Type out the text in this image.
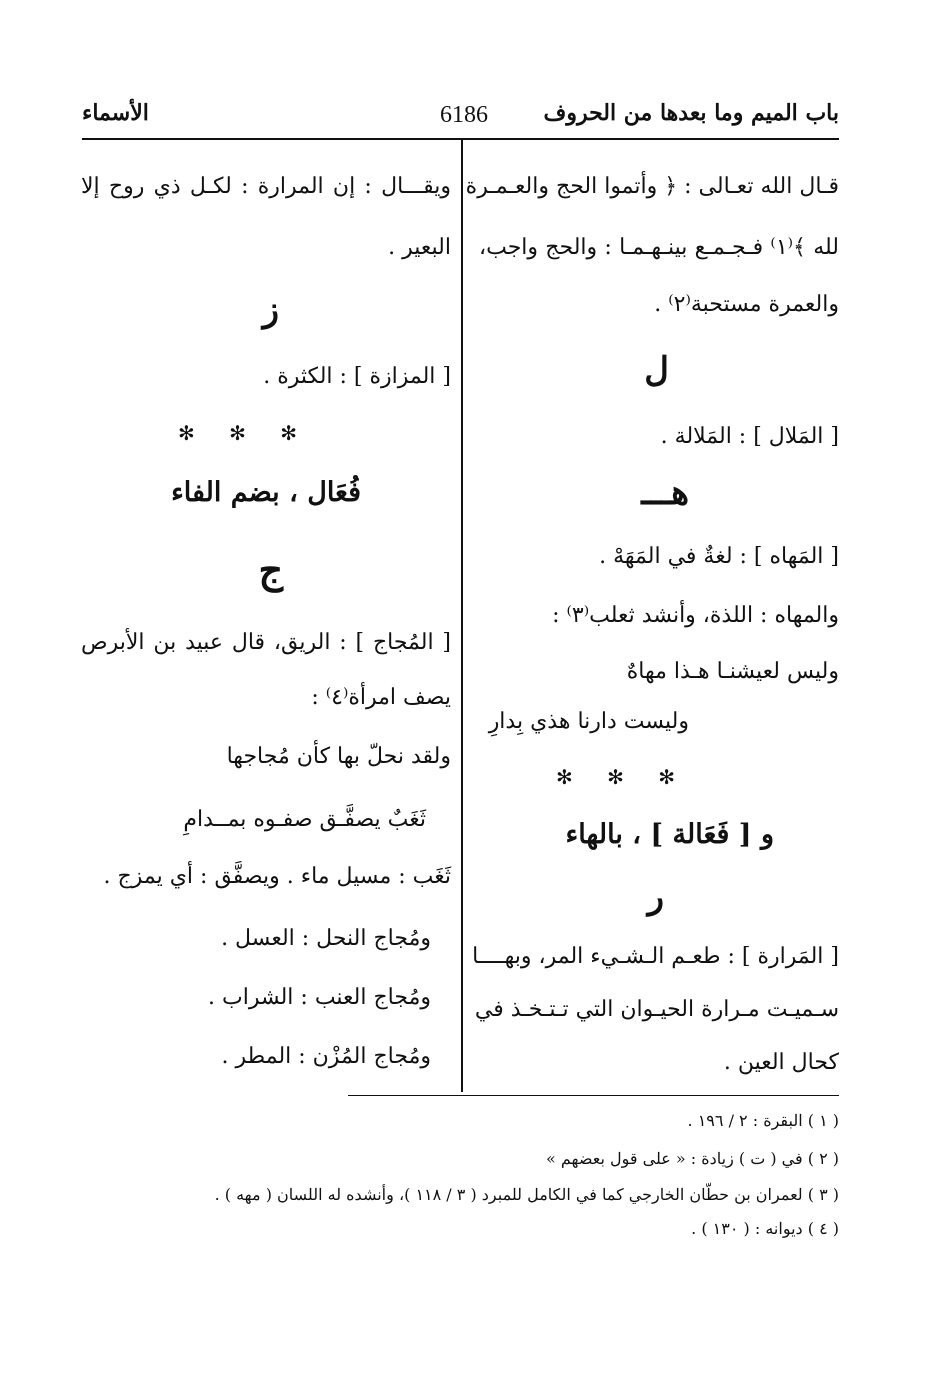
باب الميم وما بعدها من الحروف
6186
الأسماء
قـال الله تعـالى : ﴿ وأتموا الحج والعـمـرة
لله ﴾⁽١⁾ فـجـمـع بينـهـمـا : والحج واجب،
والعمرة مستحبة⁽٢⁾ .
ل
[ المَلال ] : المَلالة .
هـــ
[ المَهاه ] : لغةٌ في المَهَهْ .
والمهاه : اللذة، وأنشد ثعلب⁽٣⁾ :
وليس لعيشنـا هـذا مهاهٌ
وليست دارنا هذي بِدارِ
✻ ✻ ✻
و [ فَعَالة ] ، بالهاء
ر
[ المَرارة ] : طعـم الـشـيء المر، وبهــــا
سـميـت مـرارة الحيـوان التي تـتـخـذ في
كحال العين .
ويقـــال : إن المرارة : لكـل ذي روح إلا
البعير .
ز
[ المزازة ] : الكثرة .
✻ ✻ ✻
فُعَال ، بضم الفاء
ج
[ المُجاج ] : الريق، قال عبيد بن الأبرص
يصف امرأة⁽٤⁾ :
ولقد نحلّ بها كأن مُجاجها
ثَغَبٌ يصفَّـق صفـوه بمــدامِ
ثَغَب : مسيل ماء . ويصفَّق : أي يمزج .
ومُجاج النحل : العسل .
ومُجاج العنب : الشراب .
ومُجاج المُزْن : المطر .
( ١ ) البقرة : ٢ / ١٩٦ .
( ٢ ) في ( ت ) زيادة : « على قول بعضهم »
( ٣ ) لعمران بن حطّان الخارجي كما في الكامل للمبرد ( ٣ / ١١٨ )، وأنشده له اللسان ( مهه ) .
( ٤ ) ديوانه : ( ١٣٠ ) .
